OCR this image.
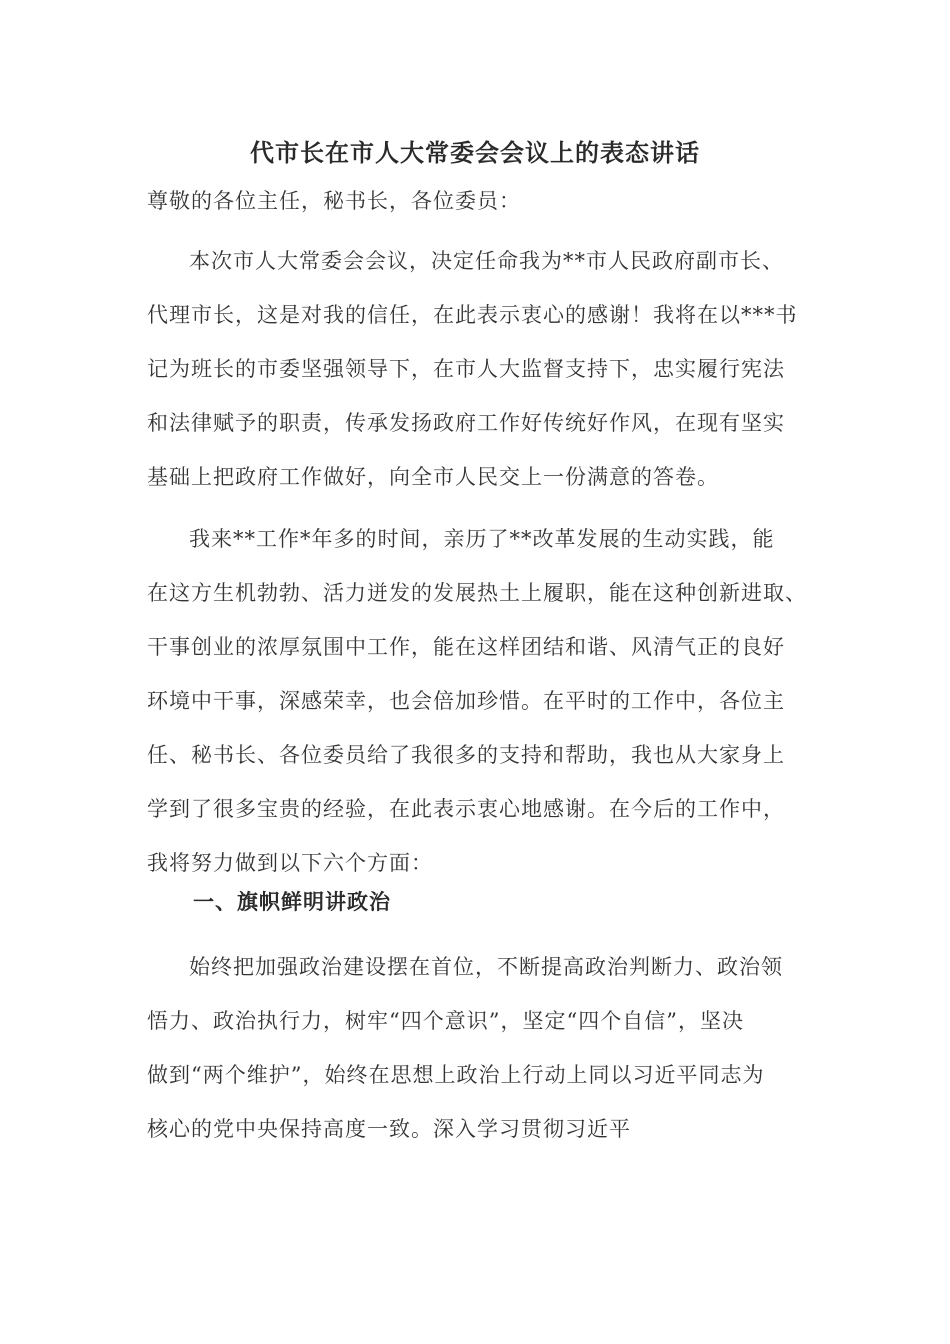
代市长在市人大常委会会议上的表态讲话
尊敬的各位主任，秘书长，各位委员：
本次市人大常委会会议，决定任命我为**市人民政府副市长、
代理市长，这是对我的信任，在此表示衷心的感谢！我将在以***书
记为班长的市委坚强领导下，在市人大监督支持下，忠实履行宪法
和法律赋予的职责，传承发扬政府工作好传统好作风，在现有坚实
基础上把政府工作做好，向全市人民交上一份满意的答卷。
我来**工作*年多的时间，亲历了**改革发展的生动实践，能
在这方生机勃勃、活力迸发的发展热土上履职，能在这种创新进取、
干事创业的浓厚氛围中工作，能在这样团结和谐、风清气正的良好
环境中干事，深感荣幸，也会倍加珍惜。在平时的工作中，各位主
任、秘书长、各位委员给了我很多的支持和帮助，我也从大家身上
学到了很多宝贵的经验，在此表示衷心地感谢。在今后的工作中，
我将努力做到以下六个方面：
一、旗帜鲜明讲政治
始终把加强政治建设摆在首位，不断提高政治判断力、政治领
悟力、政治执行力，树牢“四个意识”，坚定“四个自信”，坚决
做到“两个维护”，始终在思想上政治上行动上同以习近平同志为
核心的党中央保持高度一致。深入学习贯彻习近平
